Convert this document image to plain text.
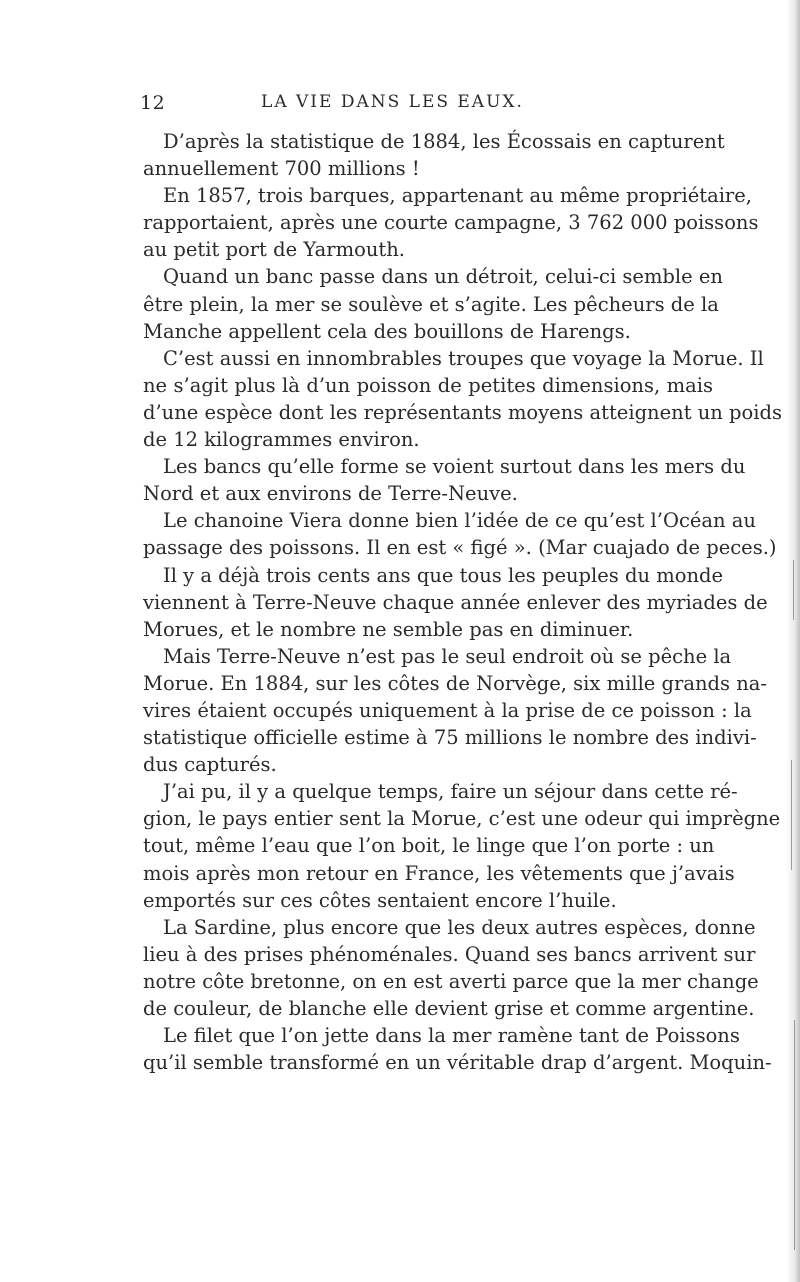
12	LA VIE DANS LES EAUX.
D’après la statistique de 1884, les Écossais en capturent
annuellement 700 millions !
En 1857, trois barques, appartenant au même propriétaire,
rapportaient, après une courte campagne, 3 762 000 poissons
au petit port de Yarmouth.
Quand un banc passe dans un détroit, celui-ci semble en
être plein, la mer se soulève et s’agite. Les pêcheurs de la
Manche appellent cela des bouillons de Harengs.
C’est aussi en innombrables troupes que voyage la Morue. Il
ne s’agit plus là d’un poisson de petites dimensions, mais
d’une espèce dont les représentants moyens atteignent un poids
de 12 kilogrammes environ.
Les bancs qu’elle forme se voient surtout dans les mers du
Nord et aux environs de Terre-Neuve.
Le chanoine Viera donne bien l’idée de ce qu’est l’Océan au
passage des poissons. Il en est « figé ». (Mar cuajado de peces.)
Il y a déjà trois cents ans que tous les peuples du monde
viennent à Terre-Neuve chaque année enlever des myriades de
Morues, et le nombre ne semble pas en diminuer.
Mais Terre-Neuve n’est pas le seul endroit où se pêche la
Morue. En 1884, sur les côtes de Norvège, six mille grands na-
vires étaient occupés uniquement à la prise de ce poisson : la
statistique officielle estime à 75 millions le nombre des indivi-
dus capturés.
J’ai pu, il y a quelque temps, faire un séjour dans cette ré-
gion, le pays entier sent la Morue, c’est une odeur qui imprègne
tout, même l’eau que l’on boit, le linge que l’on porte : un
mois après mon retour en France, les vêtements que j’avais
emportés sur ces côtes sentaient encore l’huile.
La Sardine, plus encore que les deux autres espèces, donne
lieu à des prises phénoménales. Quand ses bancs arrivent sur
notre côte bretonne, on en est averti parce que la mer change
de couleur, de blanche elle devient grise et comme argentine.
Le filet que l’on jette dans la mer ramène tant de Poissons
qu’il semble transformé en un véritable drap d’argent. Moquin-
